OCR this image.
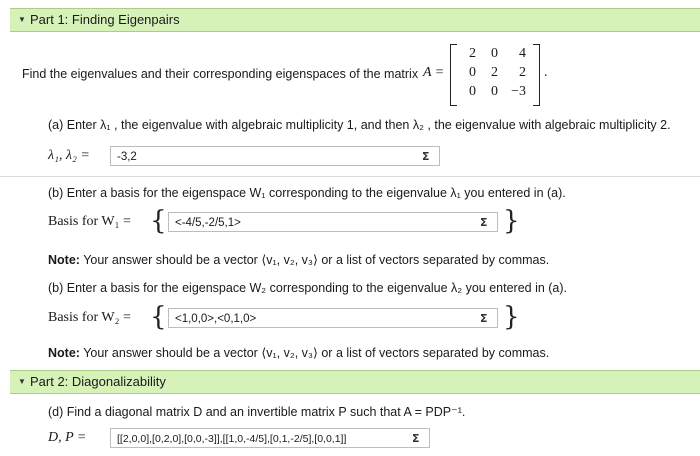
▼ Part 1: Finding Eigenpairs
Find the eigenvalues and their corresponding eigenspaces of the matrix A =
2	0	4
0	2	2
0	0 −3
.
(a) Enter λ₁ , the eigenvalue with algebraic multiplicity 1, and then λ₂ , the eigenvalue with algebraic multiplicity 2.
λ₁, λ₂ =	-3,2	Σ
(b) Enter a basis for the eigenspace W₁ corresponding to the eigenvalue λ₁ you entered in (a).
Basis for W₁ = { <-4/5,-2/5,1>	Σ }
Note: Your answer should be a vector ⟨v₁, v₂, v₃⟩ or a list of vectors separated by commas.
(b) Enter a basis for the eigenspace W₂ corresponding to the eigenvalue λ₂ you entered in (a).
Basis for W₂ = { <1,0,0>,<0,1,0>	Σ }
Note: Your answer should be a vector ⟨v₁, v₂, v₃⟩ or a list of vectors separated by commas.
▼ Part 2: Diagonalizability
(d) Find a diagonal matrix D and an invertible matrix P such that A = PDP⁻¹.
D, P =	[[2,0,0],[0,2,0],[0,0,-3]],[[1,0,-4/5],[0,1,-2/5],[0,0,1]]	Σ
